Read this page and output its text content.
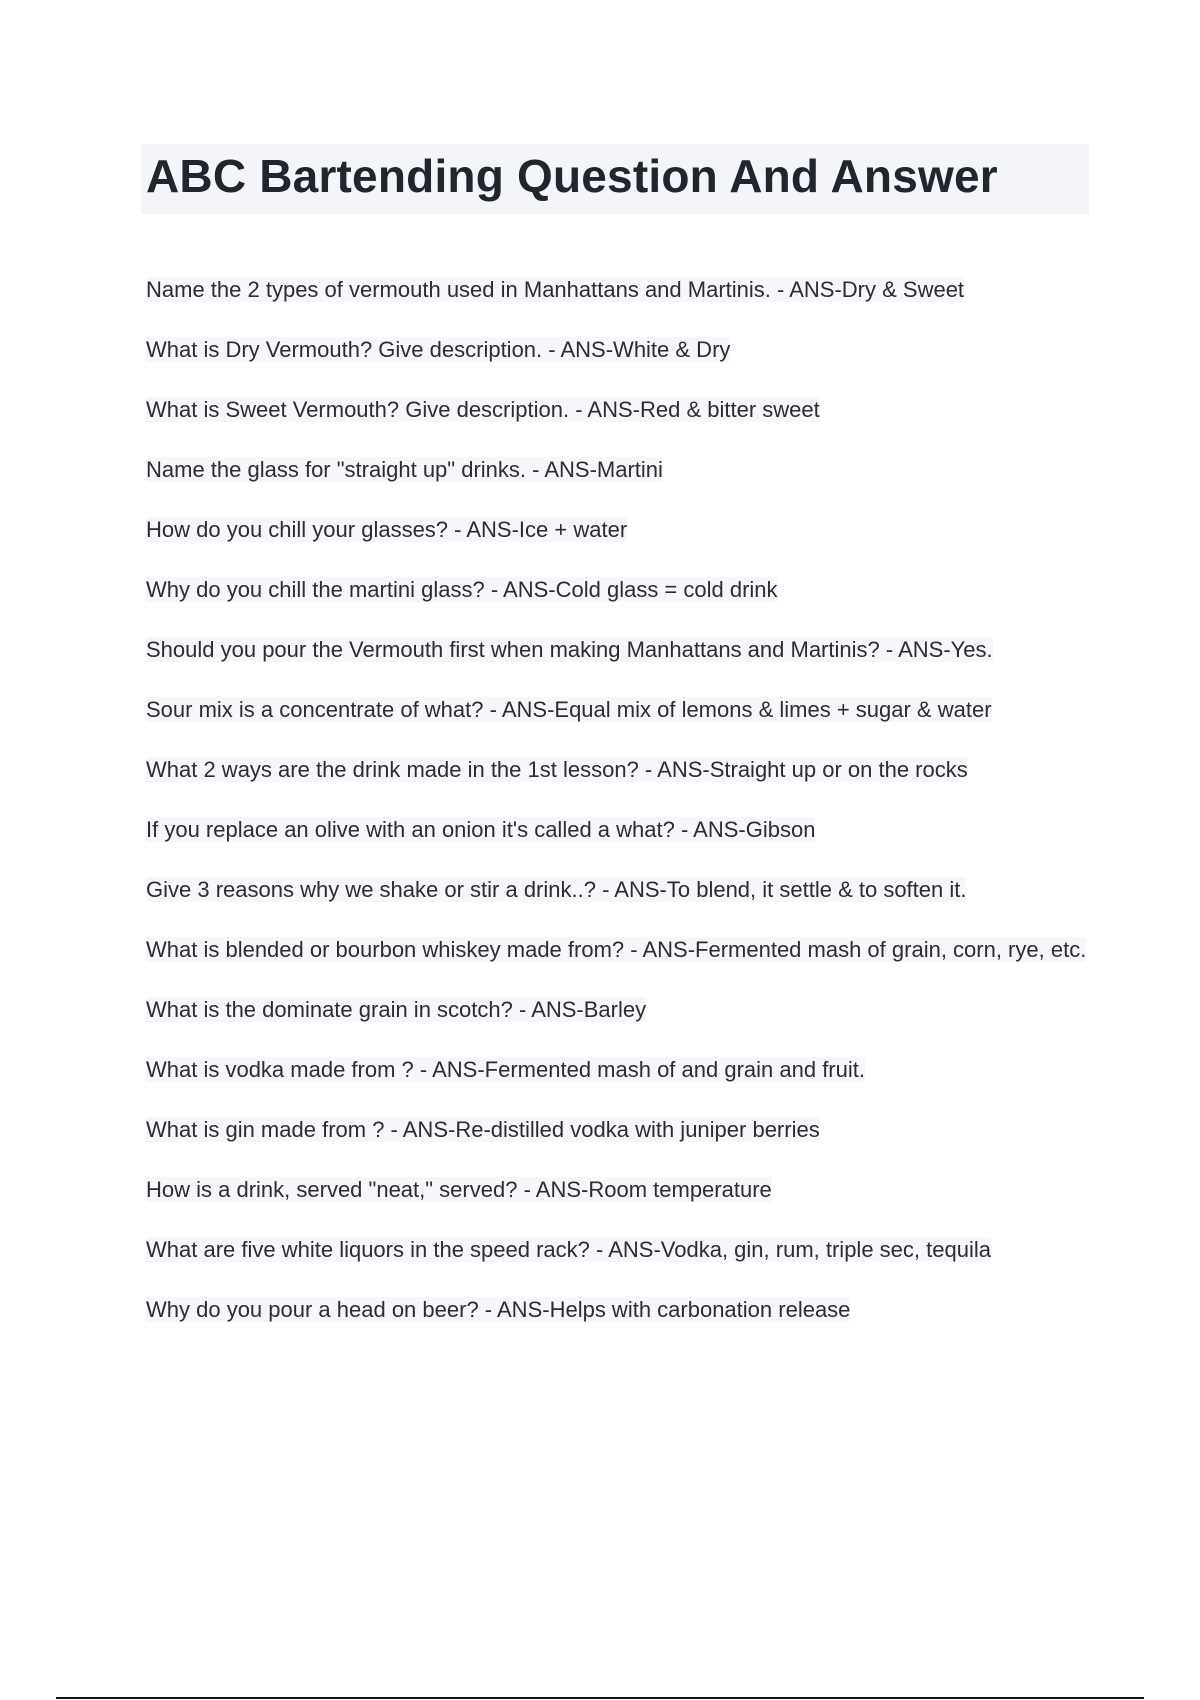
ABC Bartending Question And Answer
Name the 2 types of vermouth used in Manhattans and Martinis. - ANS-Dry & Sweet
What is Dry Vermouth? Give description. - ANS-White & Dry
What is Sweet Vermouth? Give description. - ANS-Red & bitter sweet
Name the glass for "straight up" drinks. - ANS-Martini
How do you chill your glasses? - ANS-Ice + water
Why do you chill the martini glass? - ANS-Cold glass = cold drink
Should you pour the Vermouth first when making Manhattans and Martinis? - ANS-Yes.
Sour mix is a concentrate of what? - ANS-Equal mix of lemons & limes + sugar & water
What 2 ways are the drink made in the 1st lesson? - ANS-Straight up or on the rocks
If you replace an olive with an onion it's called a what? - ANS-Gibson
Give 3 reasons why we shake or stir a drink..? - ANS-To blend, it settle & to soften it.
What is blended or bourbon whiskey made from? - ANS-Fermented mash of grain, corn, rye, etc.
What is the dominate grain in scotch? - ANS-Barley
What is vodka made from ? - ANS-Fermented mash of and grain and fruit.
What is gin made from ? - ANS-Re-distilled vodka with juniper berries
How is a drink, served "neat," served? - ANS-Room temperature
What are five white liquors in the speed rack? - ANS-Vodka, gin, rum, triple sec, tequila
Why do you pour a head on beer? - ANS-Helps with carbonation release
